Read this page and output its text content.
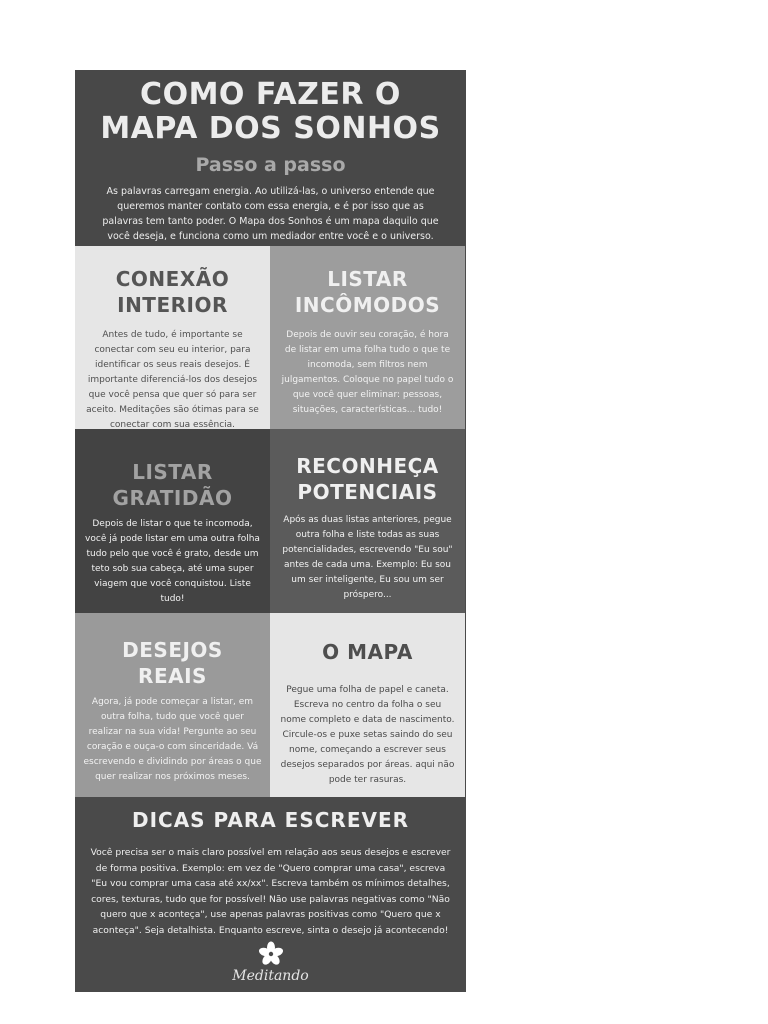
COMO FAZER O
MAPA DOS SONHOS
Passo a passo
As palavras carregam energia. Ao utilizá-las, o universo entende que queremos manter contato com essa energia, e é por isso que as palavras tem tanto poder. O Mapa dos Sonhos é um mapa daquilo que você deseja, e funciona como um mediador entre você e o universo.
CONEXÃO
INTERIOR

Antes de tudo, é importante se conectar com seu eu interior, para identificar os seus reais desejos. É importante diferenciá-los dos desejos que você pensa que quer só para ser aceito. Meditações são ótimas para se conectar com sua essência.

LISTAR
INCÔMODOS

Depois de ouvir seu coração, é hora de listar em uma folha tudo o que te incomoda, sem filtros nem julgamentos. Coloque no papel tudo o que você quer eliminar: pessoas, situações, características... tudo!

LISTAR
GRATIDÃO

Depois de listar o que te incomoda, você já pode listar em uma outra folha tudo pelo que você é grato, desde um teto sob sua cabeça, até uma super viagem que você conquistou. Liste tudo!

RECONHEÇA
POTENCIAIS

Após as duas listas anteriores, pegue outra folha e liste todas as suas potencialidades, escrevendo "Eu sou" antes de cada uma. Exemplo: Eu sou um ser inteligente, Eu sou um ser próspero...

DESEJOS
REAIS

Agora, já pode começar a listar, em outra folha, tudo que você quer realizar na sua vida! Pergunte ao seu coração e ouça-o com sinceridade. Vá escrevendo e dividindo por áreas o que quer realizar nos próximos meses.

O MAPA

Pegue uma folha de papel e caneta. Escreva no centro da folha o seu nome completo e data de nascimento. Circule-os e puxe setas saindo do seu nome, começando a escrever seus desejos separados por áreas. aqui não pode ter rasuras.

DICAS PARA ESCREVER

Você precisa ser o mais claro possível em relação aos seus desejos e escrever de forma positiva. Exemplo: em vez de "Quero comprar uma casa", escreva "Eu vou comprar uma casa até xx/xx". Escreva também os mínimos detalhes, cores, texturas, tudo que for possível! Não use palavras negativas como "Não quero que x aconteça", use apenas palavras positivas como "Quero que x aconteça". Seja detalhista. Enquanto escreve, sinta o desejo já acontecendo!

Meditando
